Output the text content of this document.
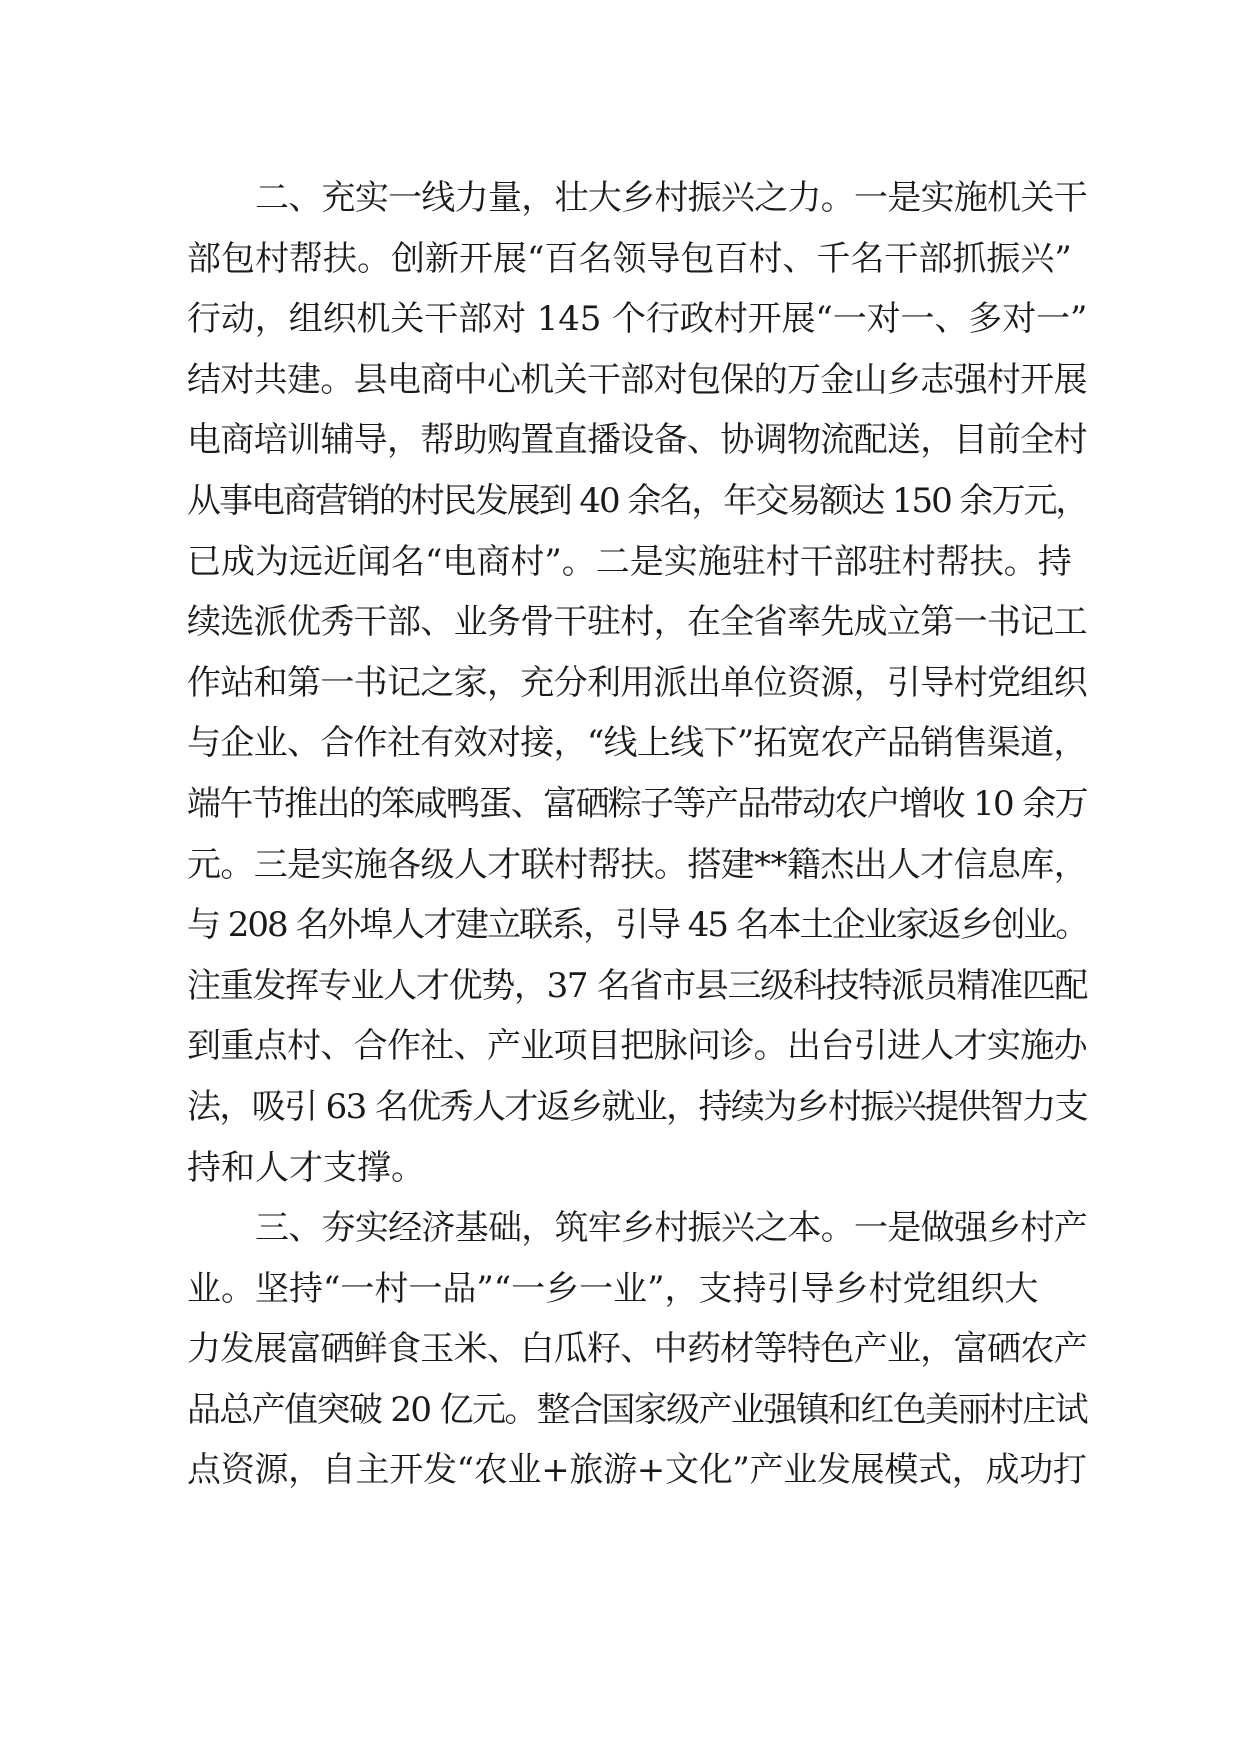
二、充实一线力量，壮大乡村振兴之力。一是实施机关干
部包村帮扶。创新开展“百名领导包百村、千名干部抓振兴”
行动，组织机关干部对 145 个行政村开展“一对一、多对一”
结对共建。县电商中心机关干部对包保的万金山乡志强村开展
电商培训辅导，帮助购置直播设备、协调物流配送，目前全村
从事电商营销的村民发展到 40 余名，年交易额达 150 余万元，
已成为远近闻名“电商村”。二是实施驻村干部驻村帮扶。持
续选派优秀干部、业务骨干驻村，在全省率先成立第一书记工
作站和第一书记之家，充分利用派出单位资源，引导村党组织
与企业、合作社有效对接，“线上线下”拓宽农产品销售渠道，
端午节推出的笨咸鸭蛋、富硒粽子等产品带动农户增收 10 余万
元。三是实施各级人才联村帮扶。搭建**籍杰出人才信息库，
与 208 名外埠人才建立联系，引导 45 名本土企业家返乡创业。
注重发挥专业人才优势，37 名省市县三级科技特派员精准匹配
到重点村、合作社、产业项目把脉问诊。出台引进人才实施办
法，吸引 63 名优秀人才返乡就业，持续为乡村振兴提供智力支
持和人才支撑。
三、夯实经济基础，筑牢乡村振兴之本。一是做强乡村产
业。坚持“一村一品”“一乡一业”，支持引导乡村党组织大
力发展富硒鲜食玉米、白瓜籽、中药材等特色产业，富硒农产
品总产值突破 20 亿元。整合国家级产业强镇和红色美丽村庄试
点资源，自主开发“农业+旅游+文化”产业发展模式，成功打
